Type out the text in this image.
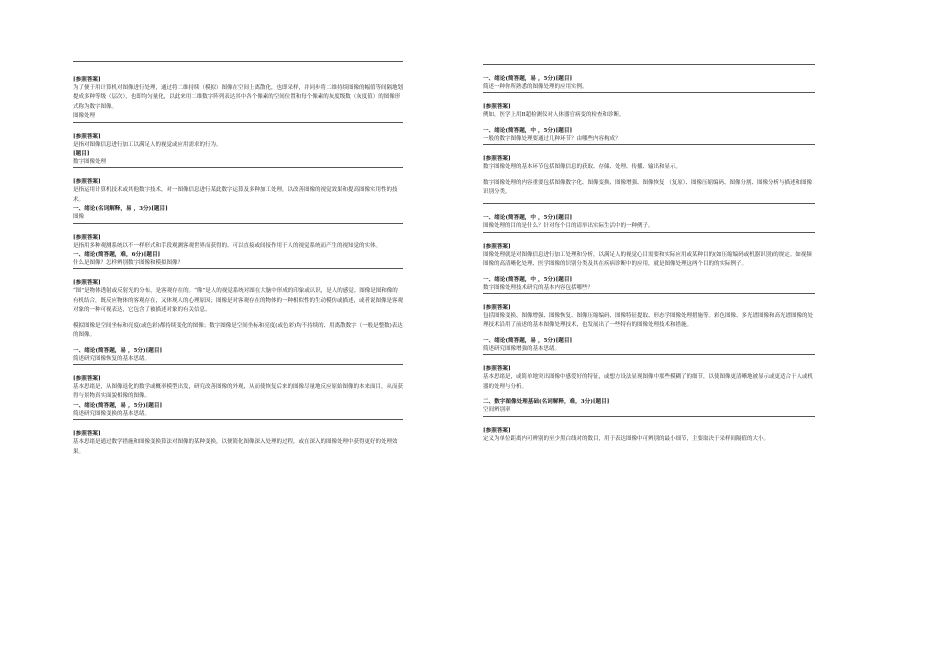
[参照答案]
为了便于用计算机对图像进行处理，通过将二维持续（模拟）图像在空间上离散化，也即采样，并同步将二维持续图像的幅值等间隔地划提成多种等级（层次），也即均匀量化，以此来用二维数字阵列表达其中各个像素的空间位置和每个像素的灰度级数（灰度值）的图像形式称为数字图像。
图像处理
[参照答案]
是指对图像信息进行加工以满足人的视觉或应用需求的行为。
[题目]
数字图像处理
[参照答案]
是指运用计算机技术或其他数字技术，对一图像信息进行某此数字运算及多种加工处理，以改善图像的视觉效果和提高图像实用性的技术。
一、绪论(名词解释，易 ，3分)[题目]
图像
[参照答案]
是指用多种观测系统以不一样形式和手段观测客观世界而获得的、可以直接或间接作用于人的视觉系统而产生的视知觉的实体。
一、绪论(简答题，难，6分)[题目]
什么是图像？怎样辨别数字图像和模拟图像？
[参照答案]
“图”是物体透射或反射光的分布，是客观存在的。“像”是人的视觉系统对图在大脑中形成的印象或认识，是人的感觉。图像是图和像的有机结合，既反应物体的客观存在，又体现人的心理原因；图像是对客观存在的物体的一种相似性的生动模仿或描述，或者说图像是客观对象的一种可视表达，它包含了被描述对象的有关信息。
模拟图像是空间坐标和亮度(或色彩)都持续变化的图像；数字图像是空间坐标和亮度(或色彩)均不持续的、用离散数字（一般是整数)表达的图像。
一、绪论(简答题，易 ，5分)[题目]
简述研究图像恢复的基本思绪。
[参照答案]
基本思绪是，从图像退化的数学或概率模型出发，研究改善图像的外观，从而使恢复后来的图像尽量地反应原始图像的本来面目，从而获得与景物真实面貌相像的图像。
一、绪论(简答题，易 ，5分)[题目]
简述研究图像变换的基本思绪。
[参照答案]
基本思绪是通过数学措施和图像变换算法对图像的某种变换，以便简化图像深入处理的过程，或在深入的图像处理中获得更好的处理效果。
一、绪论(简答题，易 ，5分)[题目]
简述一种你所熟悉的图像处理的应用实例。
[参照答案]
例如，医学上用B超检测仪对人体器官病变的检查和诊断。
一、绪论(简答题，中 ，5分)[题目]
一般的数字图像处理要通过几种环节？由哪些内容构成？
[参照答案]
数字图像处理的基本环节包括图像信息的获取、存储、处理、传播、输出和显示。
数字图像处理的内容重要包括图像数字化、图像变换、图像增强、图像恢复 （复原）、图像压缩编码、图像分割、图像分析与描述和图像识别分类。
一、绪论(简答题，中 ，5分)[题目]
图像处理的目的是什么？针对每个目的请举出实际生活中的一种例子。
[参照答案]
图像处理就是对图像信息进行加工处理和分析，以满足人的视觉心目需要和实际应用或某种目的(如压缩编码或机器识别)的规定。如视频图像的高清晰化处理、医学图像的识别分类及其在疾病诊断中的应用，就是图像处理这两个目的的实际例子。
一、绪论(简答题，中 ，5分)[题目]
数字图像处理技术研究的基本内容包括哪些？
[参照答案]
包括图像变换、图像增强、图像恢复、图像压缩编码、图像特征提取、形态学图像处理措施等。彩色图像、多光谱图像和高光谱图像的处理技术沿用了前述的基本图像处理技术，也发展出了一些特有的图像处理技术和措施。
一、绪论(简答题，易 ，5分)[题目]
简述研究图像增强的基本思绪。
[参照答案]
基本思绪是，或简单地突出图像中感爱好的特征，或想方设法显现图像中那些模糊了的细节，以使图像更清晰地被显示或更适合于人或机器的处理与分析。
二、数字图像处理基础(名词解释，难，3分)[题目]
空间辨别率
[参照答案]
定义为单位距离内可辨别的至少黑白线对的数目，用于表达图像中可辨别的最小细节，主要取决于采样间隔值的大小。
